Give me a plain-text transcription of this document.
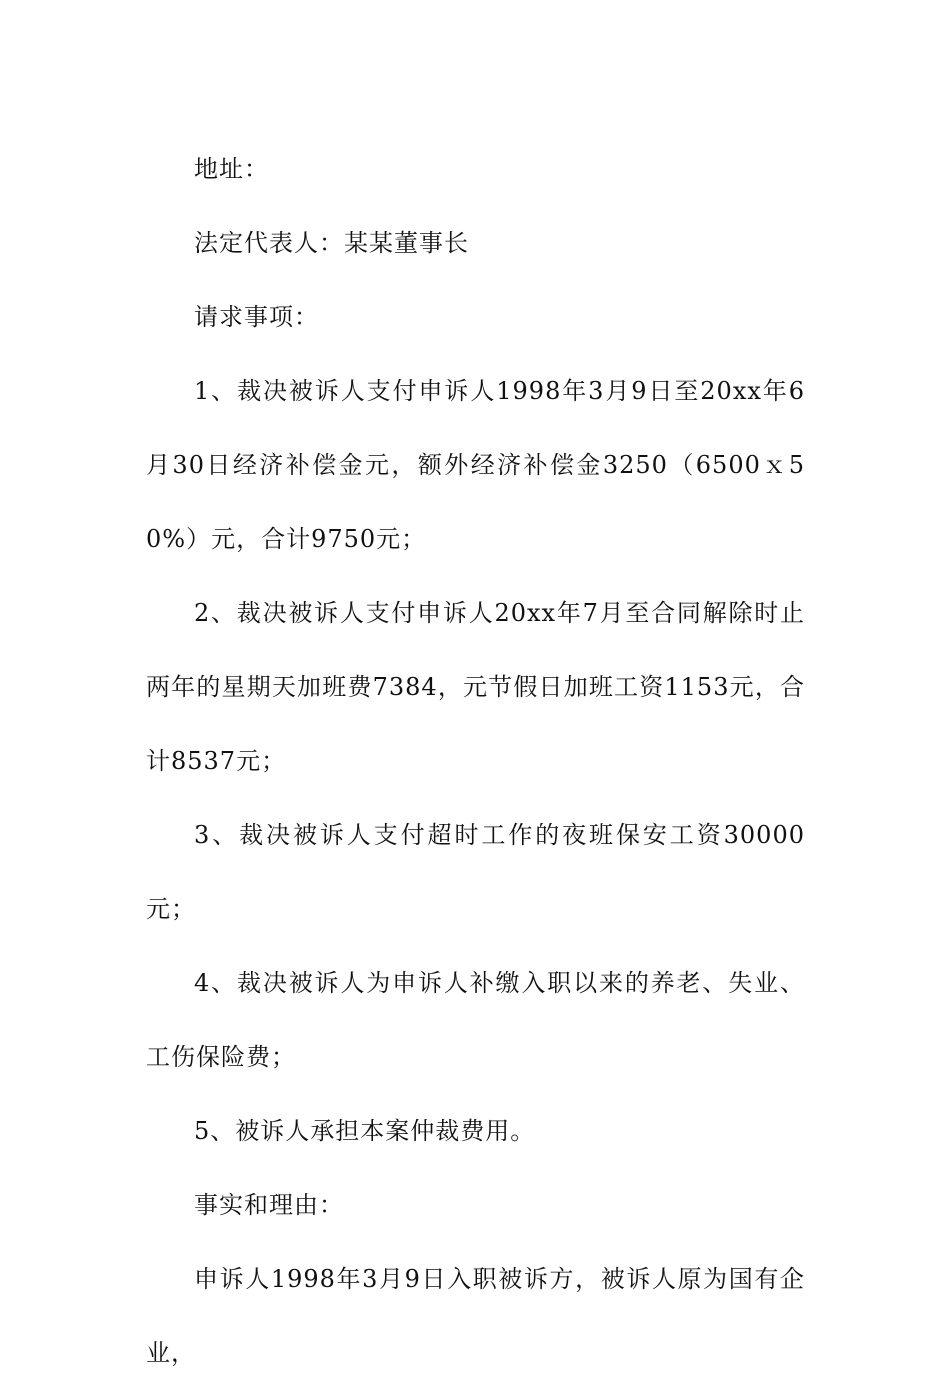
地址：

法定代表人：某某董事长

请求事项：

1、裁决被诉人支付申诉人1998年3月9日至20xx年6月30日经济补偿金元，额外经济补偿金3250（6500ｘ50%）元，合计9750元；

2、裁决被诉人支付申诉人20xx年7月至合同解除时止两年的星期天加班费7384，元节假日加班工资1153元，合计8537元；

3、裁决被诉人支付超时工作的夜班保安工资30000元；

4、裁决被诉人为申诉人补缴入职以来的养老、失业、工伤保险费；

5、被诉人承担本案仲裁费用。

事实和理由：

申诉人1998年3月9日入职被诉方，被诉人原为国有企业，
